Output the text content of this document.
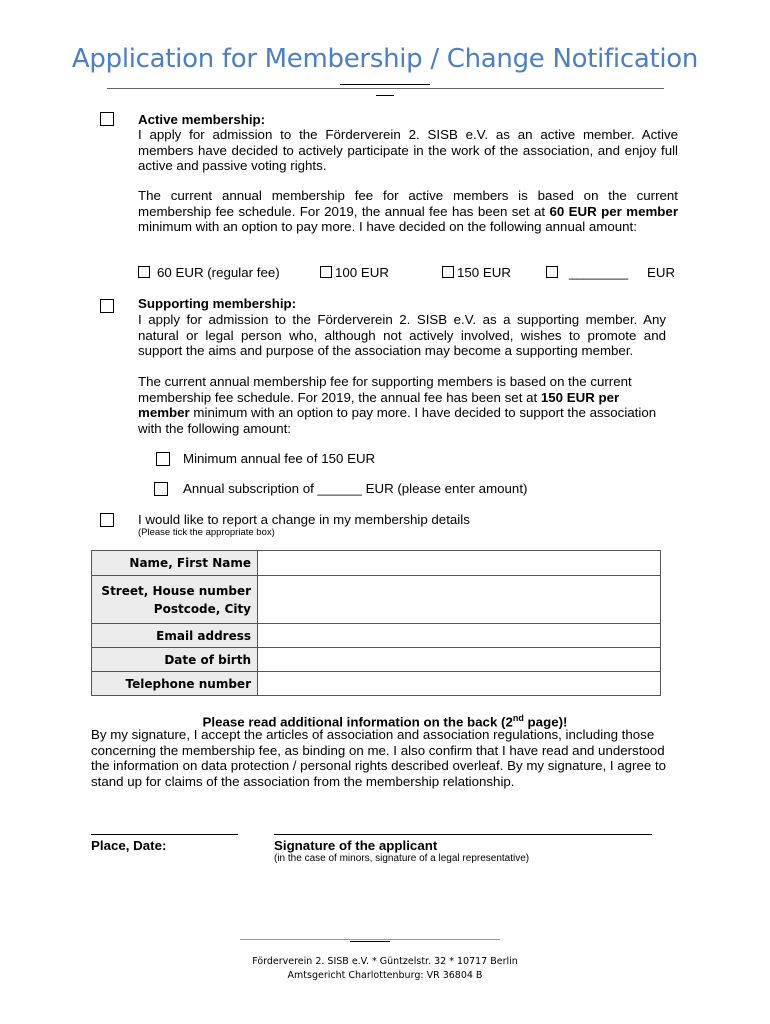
Application for Membership / Change Notification
Active membership:
I apply for admission to the Förderverein 2. SISB e.V. as an active member. Active members have decided to actively participate in the work of the association, and enjoy full active and passive voting rights.
The current annual membership fee for active members is based on the current membership fee schedule. For 2019, the annual fee has been set at 60 EUR per member minimum with an option to pay more. I have decided on the following annual amount:
60 EUR (regular fee)	100 EUR	150 EUR	________ EUR
Supporting membership:
I apply for admission to the Förderverein 2. SISB e.V. as a supporting member. Any natural or legal person who, although not actively involved, wishes to promote and support the aims and purpose of the association may become a supporting member.
The current annual membership fee for supporting members is based on the current membership fee schedule. For 2019, the annual fee has been set at 150 EUR per member minimum with an option to pay more. I have decided to support the association with the following amount:
Minimum annual fee of 150 EUR
Annual subscription of ______ EUR (please enter amount)
I would like to report a change in my membership details
(Please tick the appropriate box)
Name, First Name	

Street, House number
Postcode, City	

Email address	
Date of birth	
Telephone number	
Please read additional information on the back (2nd page)!
By my signature, I accept the articles of association and association regulations, including those concerning the membership fee, as binding on me. I also confirm that I have read and understood the information on data protection / personal rights described overleaf. By my signature, I agree to stand up for claims of the association from the membership relationship.
Place, Date:	Signature of the applicant
(in the case of minors, signature of a legal representative)
Förderverein 2. SISB e.V. * Güntzelstr. 32 * 10717 Berlin
Amtsgericht Charlottenburg: VR 36804 B
